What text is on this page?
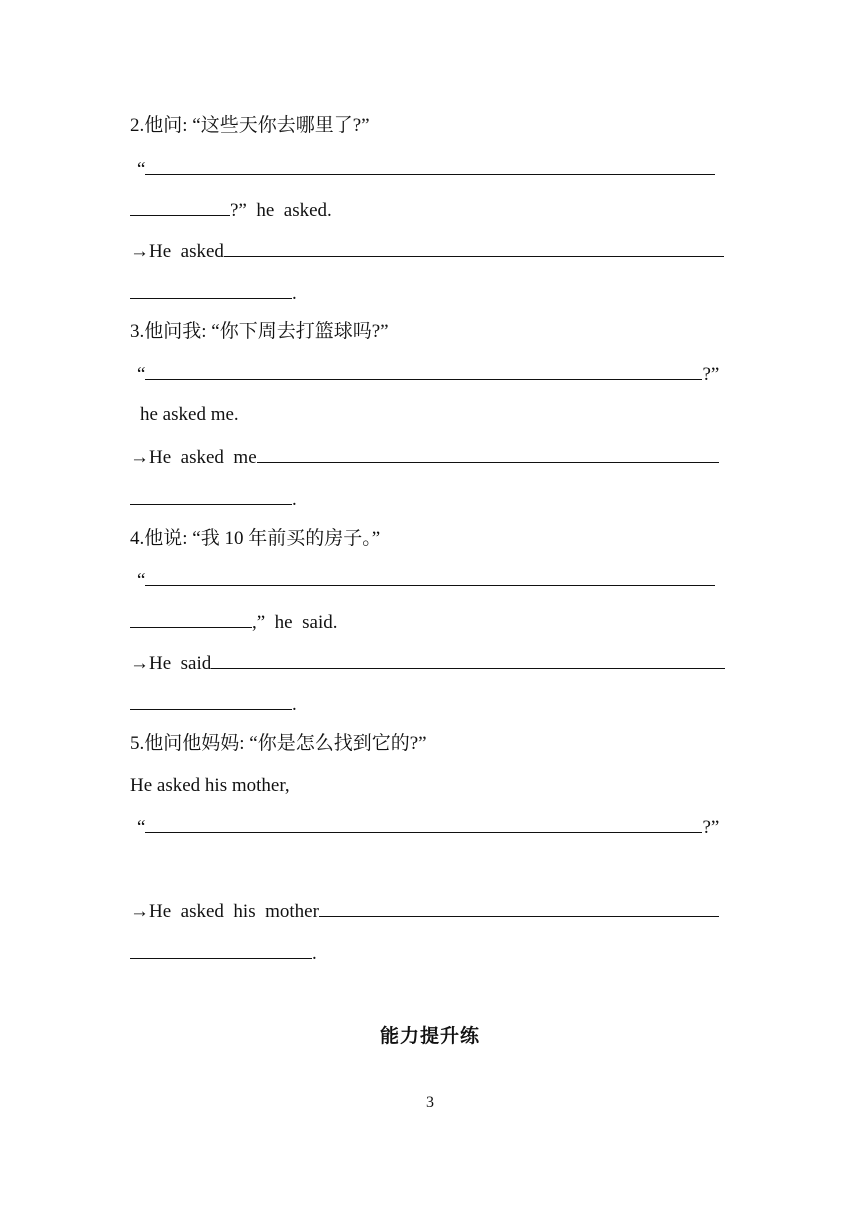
2.他问: “这些天你去哪里了?”
“
?”  he  asked.
→He  asked
.
3.他问我: “你下周去打篮球吗?”
“	?”
he asked me.
→He  asked  me
.
4.他说: “我 10 年前买的房子。”
“
,”  he  said.
→He  said
.
5.他问他妈妈: “你是怎么找到它的?”
He asked his mother,
“	?”
→He  asked  his  mother
.
能力提升练
3
